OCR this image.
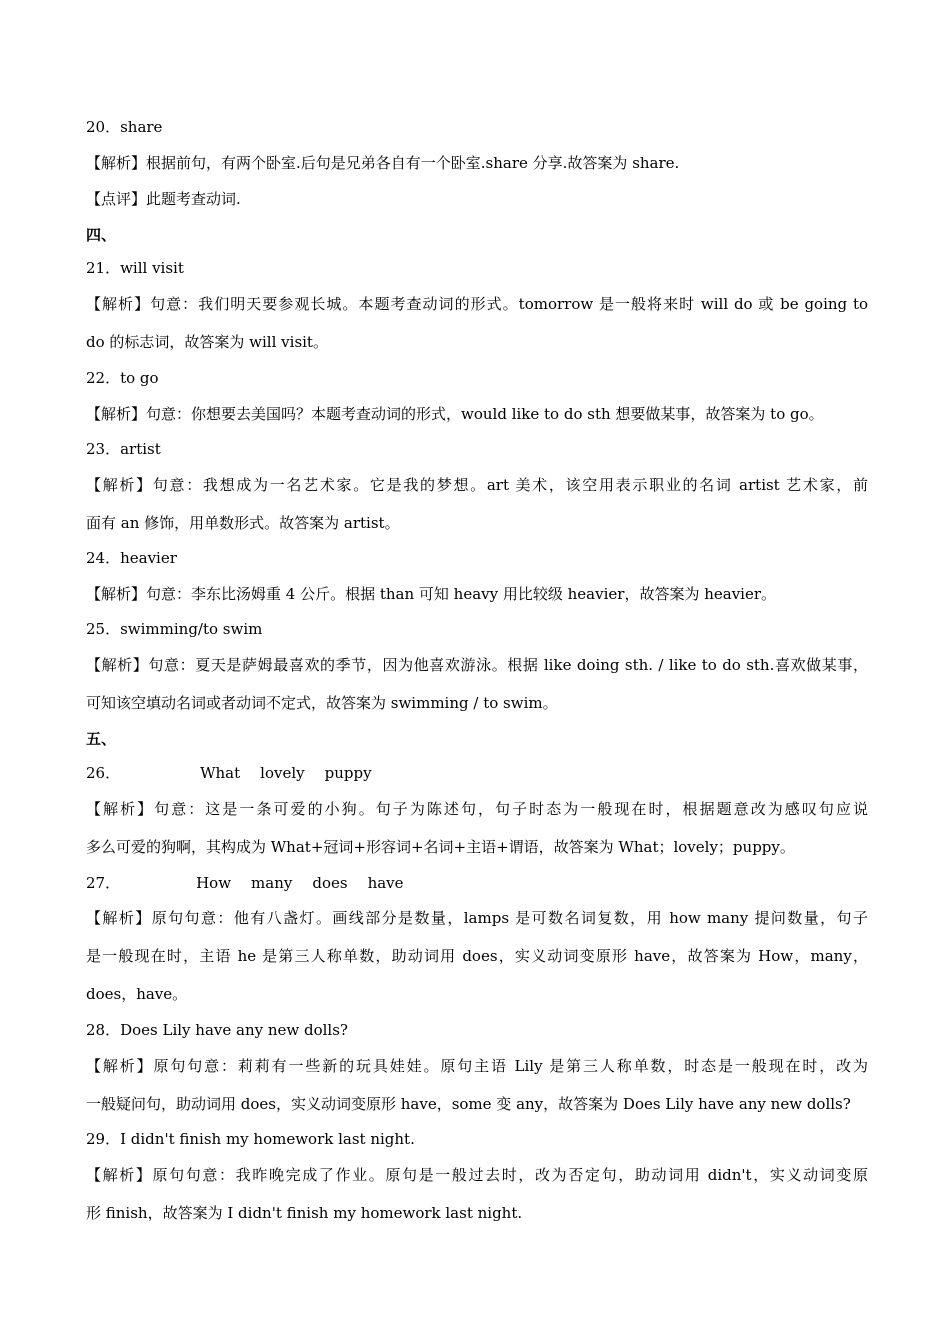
20．share
【解析】根据前句，有两个卧室.后句是兄弟各自有一个卧室.share 分享.故答案为 share.
【点评】此题考查动词.
四、
21．will visit
【解析】句意：我们明天要参观长城。本题考查动词的形式。tomorrow 是一般将来时 will do 或 be going to
do 的标志词，故答案为 will visit。
22．to go
【解析】句意：你想要去美国吗？本题考查动词的形式，would like to do sth 想要做某事，故答案为 to go。
23．artist
【解析】句意：我想成为一名艺术家。它是我的梦想。art 美术，该空用表示职业的名词 artist 艺术家，前
面有 an 修饰，用单数形式。故答案为 artist。
24．heavier
【解析】句意：李东比汤姆重 4 公斤。根据 than 可知 heavy 用比较级 heavier，故答案为 heavier。
25．swimming/to swim
【解析】句意：夏天是萨姆最喜欢的季节，因为他喜欢游泳。根据 like doing sth. / like to do sth.喜欢做某事，
可知该空填动名词或者动词不定式，故答案为 swimming / to swim。
五、
26．	What lovely puppy
【解析】句意：这是一条可爱的小狗。句子为陈述句，句子时态为一般现在时，根据题意改为感叹句应说
多么可爱的狗啊，其构成为 What+冠词+形容词+名词+主语+谓语，故答案为 What；lovely；puppy。
27．	How many does have
【解析】原句句意：他有八盏灯。画线部分是数量，lamps 是可数名词复数，用 how many 提问数量，句子
是一般现在时，主语 he 是第三人称单数，助动词用 does，实义动词变原形 have，故答案为 How，many，
does，have。
28．Does Lily have any new dolls?
【解析】原句句意：莉莉有一些新的玩具娃娃。原句主语 Lily 是第三人称单数，时态是一般现在时，改为
一般疑问句，助动词用 does，实义动词变原形 have，some 变 any，故答案为 Does Lily have any new dolls?
29．I didn't finish my homework last night.
【解析】原句句意：我昨晚完成了作业。原句是一般过去时，改为否定句，助动词用 didn't，实义动词变原
形 finish，故答案为 I didn't finish my homework last night.
